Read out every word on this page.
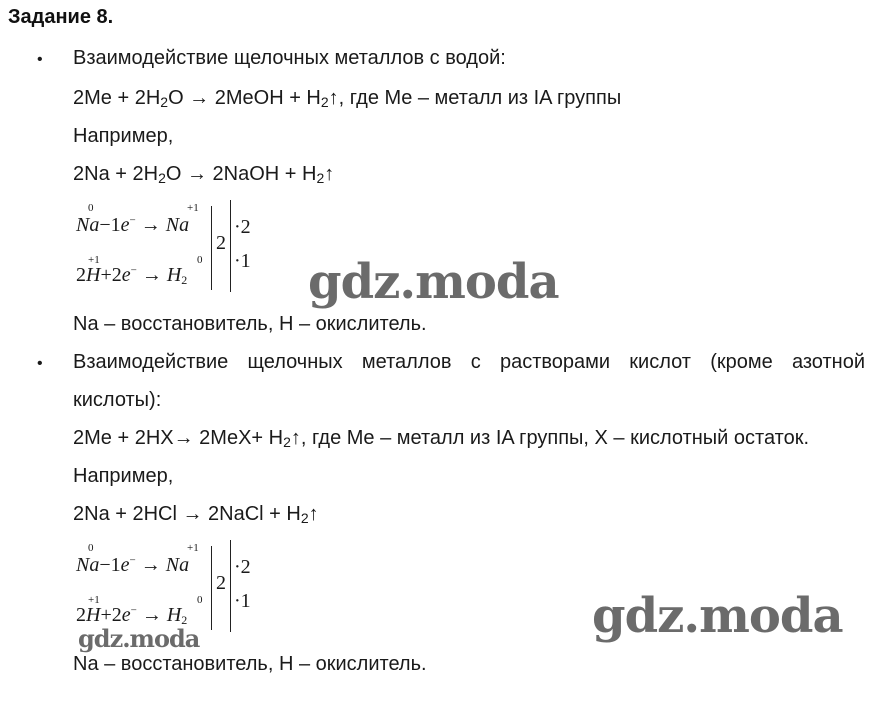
Задание 8.
• Взаимодействие щелочных металлов с водой:
$2Me + 2H_2O$ → 2MeOH + $H_2↑$, где Me – металл из IA группы
Например,
$2Na + 2H_2O$ → 2NaOH + $H_2↑$
0	+1
Na−1e− → Na
+1	0
$2H+2e^- \to H_2$
2
·2
·1 gdz.moda
Na – восстановитель, H – окислитель.
• Взаимодействие щелочных металлов с растворами кислот (кроме азотной
кислоты):
$2Me + 2HX\to 2MeX+ H_2↑$, где Me – металл из IA группы, X – кислотный остаток.
Например,
2Na + 2HCl → 2NaCl + $H_2↑$
0	+1
Na−1e− → Na
+1	0
$2H+2e^- \to H_2$
2
·2
·1
gdz.moda	gdz.moda
Na – восстановитель, H – окислитель.
